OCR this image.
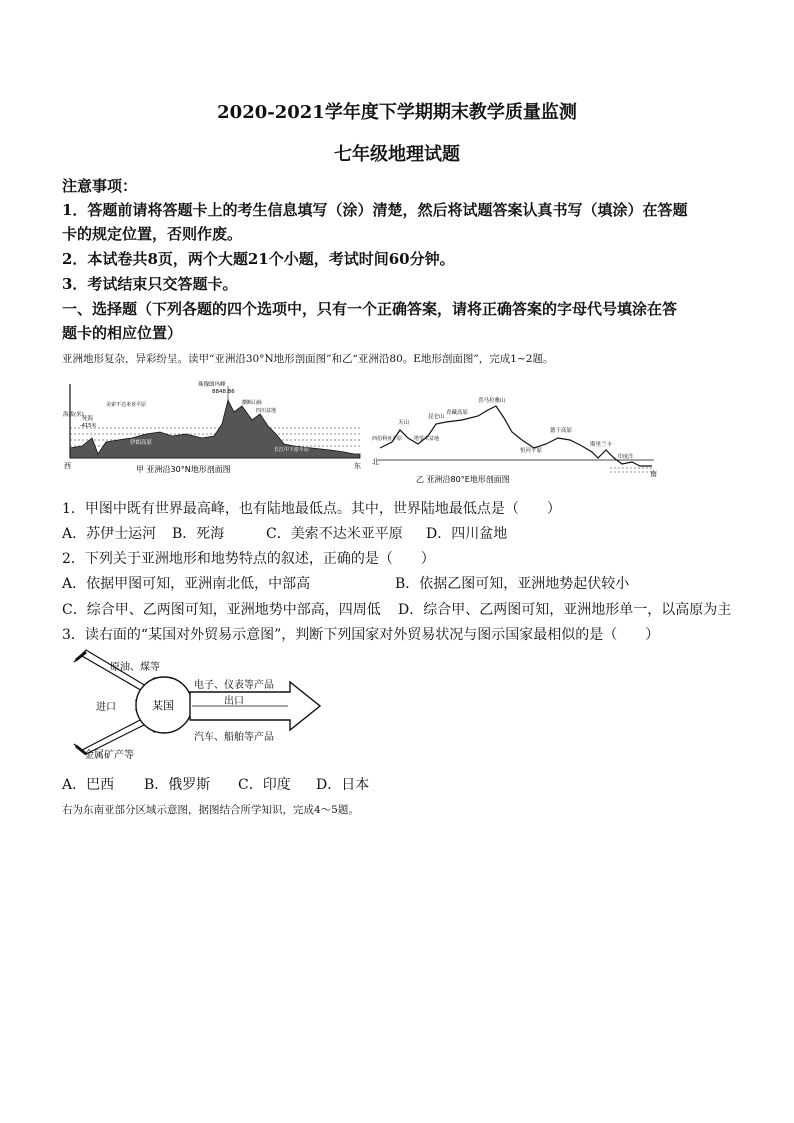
2020-2021学年度下学期期末教学质量监测
七年级地理试题
注意事项：
1．答题前请将答题卡上的考生信息填写（涂）清楚，然后将试题答案认真书写（填涂）在答题
卡的规定位置，否则作废。
2．本试卷共8页，两个大题21个小题，考试时间60分钟。
3．考试结束只交答题卡。
一、选择题（下列各题的四个选项中，只有一个正确答案，请将正确答案的字母代号填涂在答
题卡的相应位置）
亚洲地形复杂，异彩纷呈。读甲“亚洲沿30°N地形剖面图”和乙“亚洲沿80。E地形剖面图”，完成1~2题。
珠穆朗玛峰
8848.86
海拔(米)
死海
-415米
美索不达米亚平原
伊朗高原
横断山脉
四川盆地
长江中下游平原
西	东
甲 亚洲沿30°N地形剖面图
北
南
西伯利亚平原
天山
塔里木盆地
昆仑山
青藏高原
喜马拉雅山
恒河平原
德干高原
斯里兰卡
印度洋
乙 亚洲沿80°E地形剖面图
1．甲图中既有世界最高峰，也有陆地最低点。其中，世界陆地最低点是（　　）
A．苏伊士运河 B．死海	C．美索不达米亚平原 D．四川盆地
2．下列关于亚洲地形和地势特点的叙述，正确的是（　　）
A．依据甲图可知，亚洲南北低，中部高	B．依据乙图可知，亚洲地势起伏较小
C．综合甲、乙两图可知，亚洲地势中部高，四周低 D．综合甲、乙两图可知，亚洲地形单一，以高原为主
3．读右面的“某国对外贸易示意图”，判断下列国家对外贸易状况与图示国家最相似的是（　　）
原油、煤等
进口	某国
金属矿产等
电子、仪表等产品
出口
汽车、船舶等产品
A．巴西 B．俄罗斯 C．印度 D．日本
右为东南亚部分区域示意图，据图结合所学知识，完成4～5题。
